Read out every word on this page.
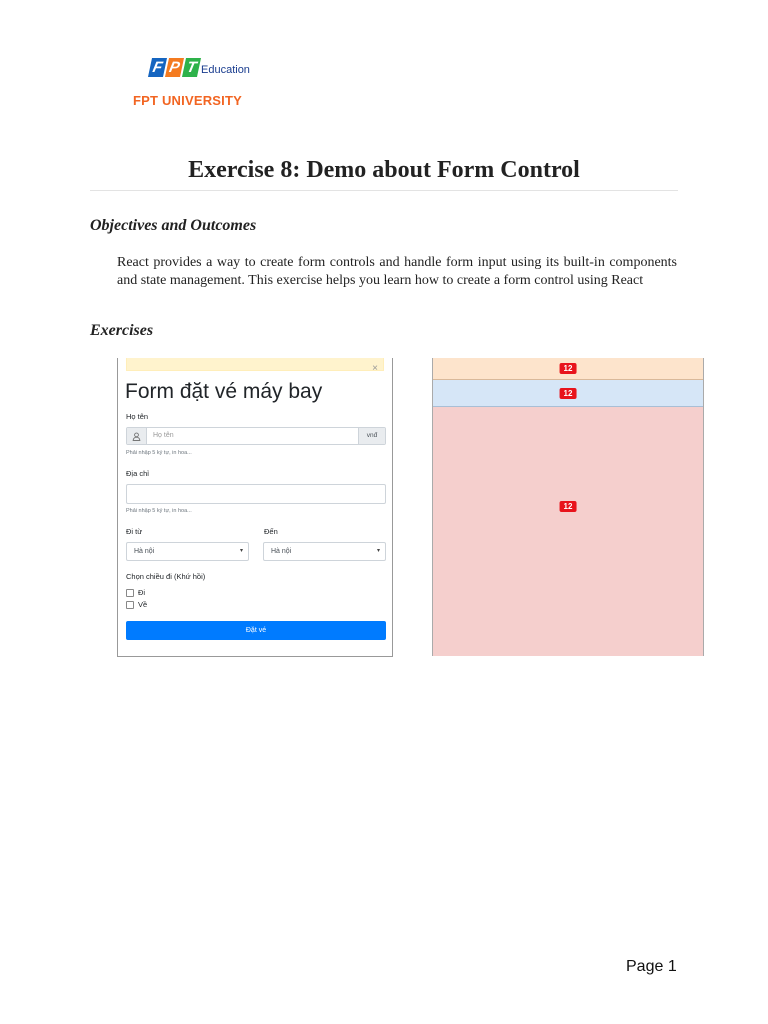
F P T Education
FPT UNIVERSITY
Exercise 8: Demo about Form Control
Objectives and Outcomes

React provides a way to create form controls and handle form input using its built-in components and state management. This exercise helps you learn how to create a form control using React

Exercises
×
Form đặt vé máy bay
Họ tên
Họ tên	vnđ
Phải nhập 5 ký tự, in hoa...
Địa chỉ
Phải nhập 5 ký tự, in hoa...
Đi từ	Đến
Hà nội	▾	Hà nội	▾
Chọn chiều đi (Khứ hồi)
Đi
Về
Đặt vé
12
12
12
Page 1
